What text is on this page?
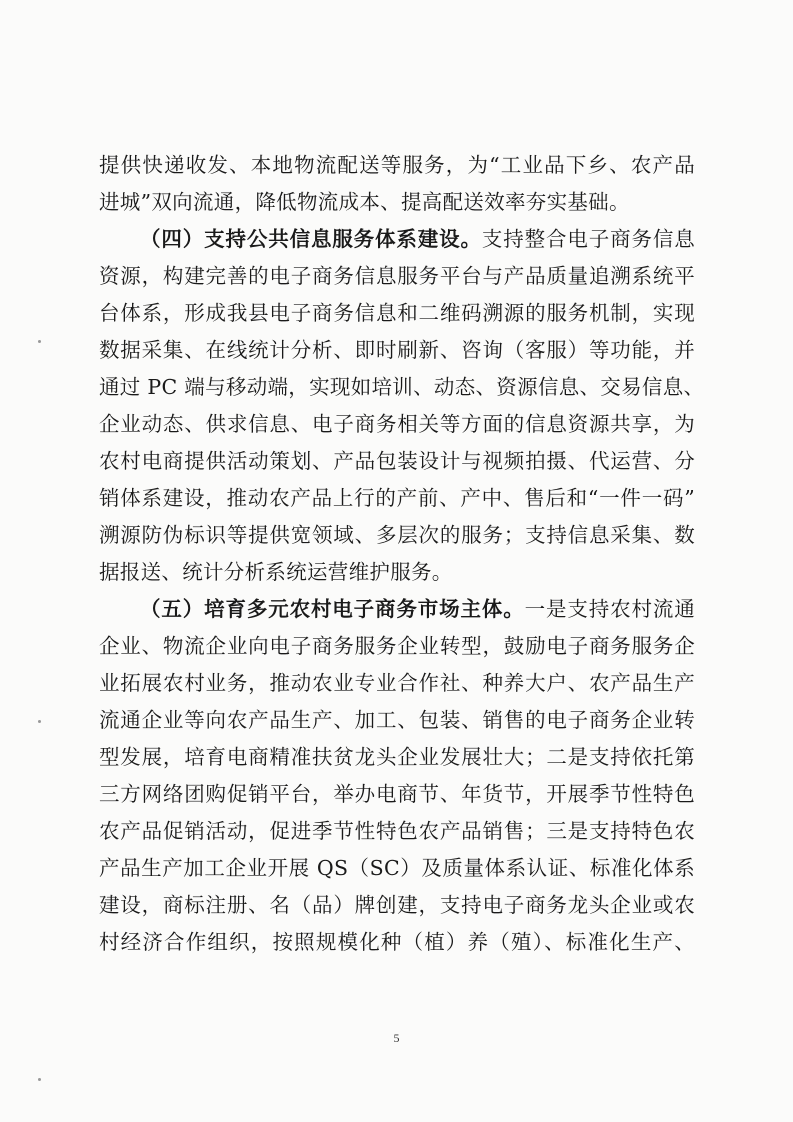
提供快递收发、本地物流配送等服务，为“工业品下乡、农产品
进城”双向流通，降低物流成本、提高配送效率夯实基础。
（四）支持公共信息服务体系建设。支持整合电子商务信息
资源，构建完善的电子商务信息服务平台与产品质量追溯系统平
台体系，形成我县电子商务信息和二维码溯源的服务机制，实现
数据采集、在线统计分析、即时刷新、咨询（客服）等功能，并
通过 PC 端与移动端，实现如培训、动态、资源信息、交易信息、
企业动态、供求信息、电子商务相关等方面的信息资源共享，为
农村电商提供活动策划、产品包装设计与视频拍摄、代运营、分
销体系建设，推动农产品上行的产前、产中、售后和“一件一码”
溯源防伪标识等提供宽领域、多层次的服务；支持信息采集、数
据报送、统计分析系统运营维护服务。
（五）培育多元农村电子商务市场主体。一是支持农村流通
企业、物流企业向电子商务服务企业转型，鼓励电子商务服务企
业拓展农村业务，推动农业专业合作社、种养大户、农产品生产
流通企业等向农产品生产、加工、包装、销售的电子商务企业转
型发展，培育电商精准扶贫龙头企业发展壮大；二是支持依托第
三方网络团购促销平台，举办电商节、年货节，开展季节性特色
农产品促销活动，促进季节性特色农产品销售；三是支持特色农
产品生产加工企业开展 QS（SC）及质量体系认证、标准化体系
建设，商标注册、名（品）牌创建，支持电子商务龙头企业或农
村经济合作组织，按照规模化种（植）养（殖）、标准化生产、
5
